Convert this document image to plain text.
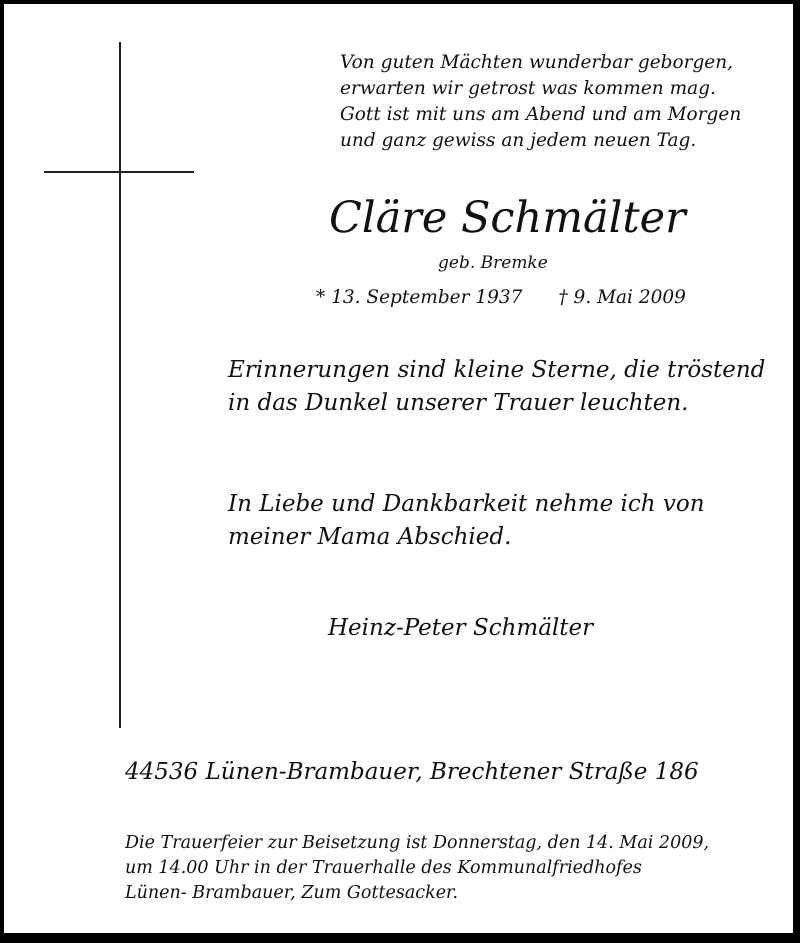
Von guten Mächten wunderbar geborgen,
erwarten wir getrost was kommen mag.
Gott ist mit uns am Abend und am Morgen
und ganz gewiss an jedem neuen Tag.
Cläre Schmälter
geb. Bremke
* 13. September 1937 † 9. Mai 2009
Erinnerungen sind kleine Sterne, die tröstend
in das Dunkel unserer Trauer leuchten.
In Liebe und Dankbarkeit nehme ich von
meiner Mama Abschied.
Heinz-Peter Schmälter
44536 Lünen-Brambauer, Brechtener Straße 186
Die Trauerfeier zur Beisetzung ist Donnerstag, den 14. Mai 2009,
um 14.00 Uhr in der Trauerhalle des Kommunalfriedhofes
Lünen- Brambauer, Zum Gottesacker.
